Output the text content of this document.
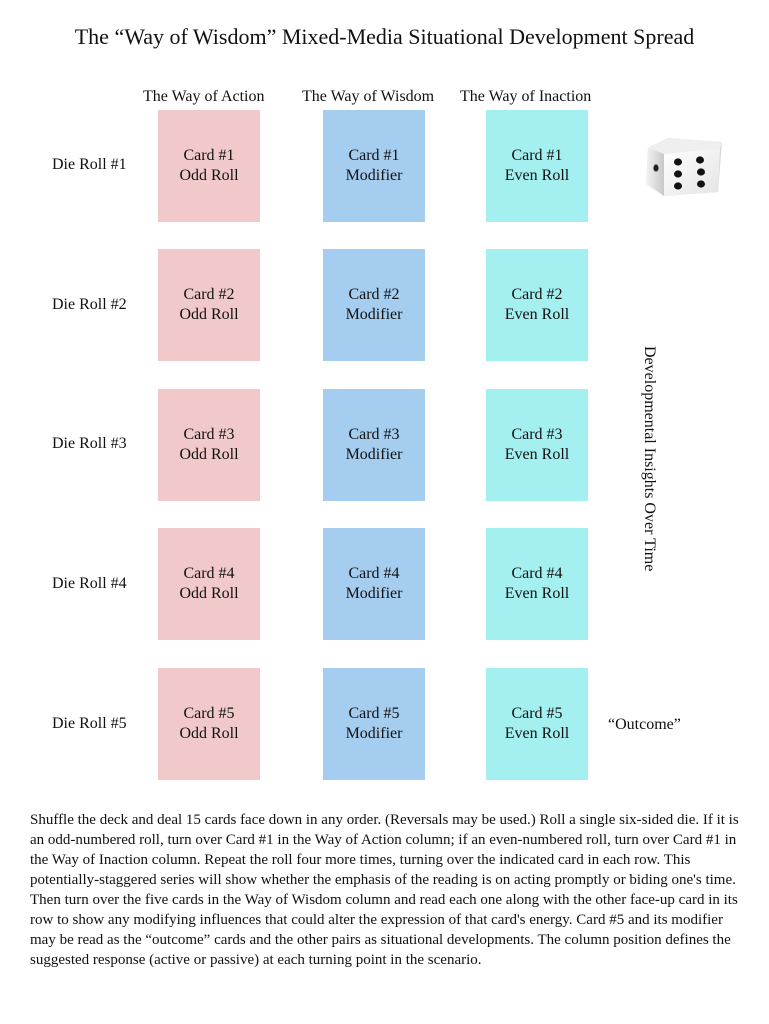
The “Way of Wisdom” Mixed-Media Situational Development Spread
The Way of Action The Way of Wisdom The Way of Inaction
Die Roll #1
Card #1
Odd Roll
Card #1
Modifier
Card #1
Even Roll
Die Roll #2
Card #2
Odd Roll
Card #2
Modifier
Card #2
Even Roll
Die Roll #3
Card #3
Odd Roll
Card #3
Modifier
Card #3
Even Roll
Die Roll #4
Card #4
Odd Roll
Card #4
Modifier
Card #4
Even Roll
Die Roll #5
Card #5
Odd Roll
Card #5
Modifier
Card #5
Even Roll
Developmental Insights Over Time
“Outcome”

Shuffle the deck and deal 15 cards face down in any order. (Reversals may be used.) Roll a single six-sided die. If it is an odd-numbered roll, turn over Card #1 in the Way of Action column; if an even-numbered roll, turn over Card #1 in the Way of Inaction column. Repeat the roll four more times, turning over the indicated card in each row. This potentially-staggered series will show whether the emphasis of the reading is on acting promptly or biding one's time. Then turn over the five cards in the Way of Wisdom column and read each one along with the other face-up card in its row to show any modifying influences that could alter the expression of that card's energy. Card #5 and its modifier may be read as the “outcome” cards and the other pairs as situational developments. The column position defines the suggested response (active or passive) at each turning point in the scenario.
